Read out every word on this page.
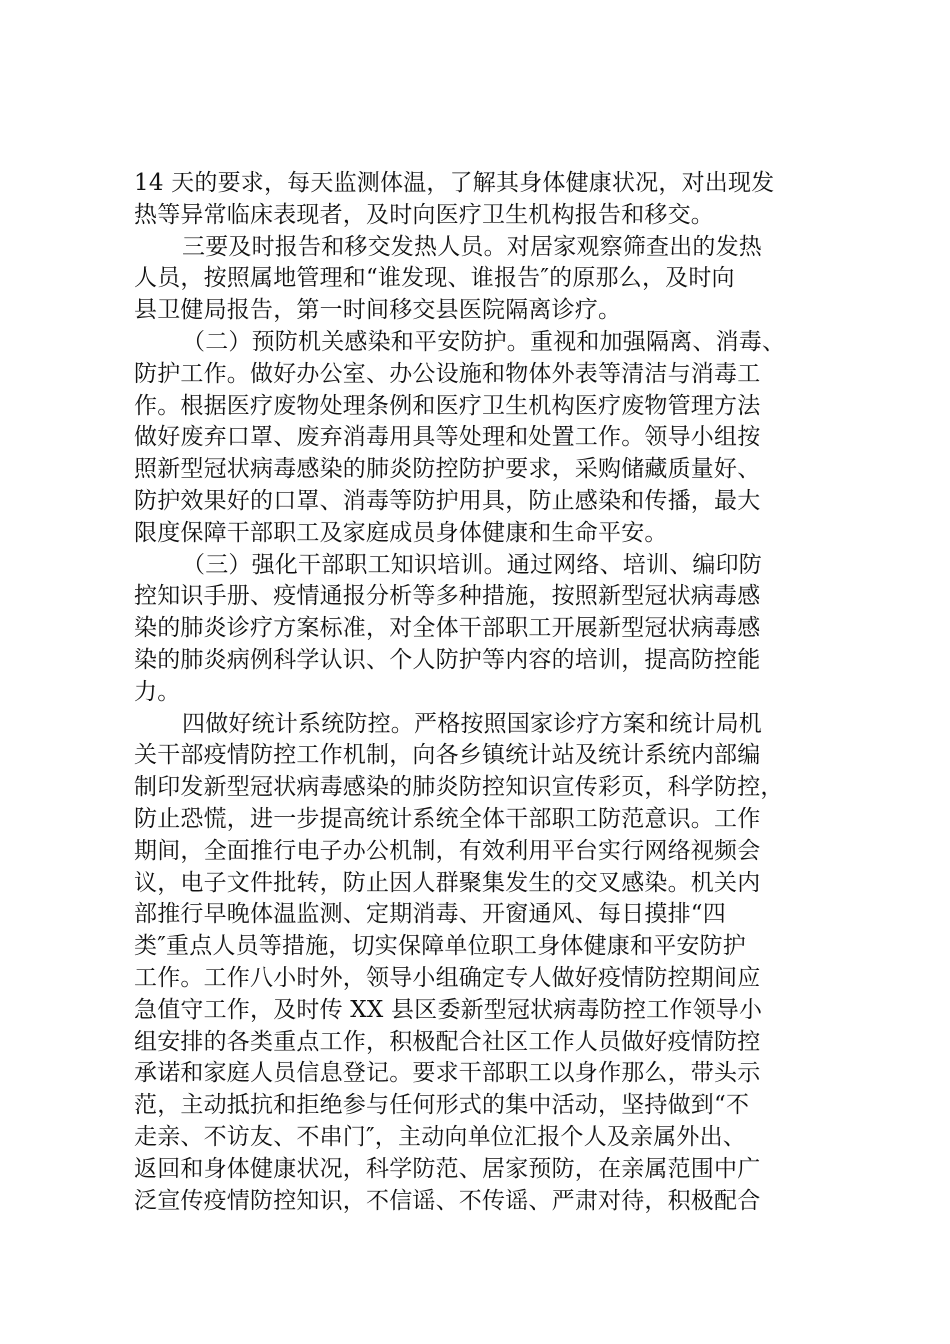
14 天的要求，每天监测体温，了解其身体健康状况，对出现发
热等异常临床表现者，及时向医疗卫生机构报告和移交。
三要及时报告和移交发热人员。对居家观察筛查出的发热
人员，按照属地管理和“谁发现、谁报告″的原那么，及时向
县卫健局报告，第一时间移交县医院隔离诊疗。
（二）预防机关感染和平安防护。重视和加强隔离、消毒、
防护工作。做好办公室、办公设施和物体外表等清洁与消毒工
作。根据医疗废物处理条例和医疗卫生机构医疗废物管理方法
做好废弃口罩、废弃消毒用具等处理和处置工作。领导小组按
照新型冠状病毒感染的肺炎防控防护要求，采购储藏质量好、
防护效果好的口罩、消毒等防护用具，防止感染和传播，最大
限度保障干部职工及家庭成员身体健康和生命平安。
（三）强化干部职工知识培训。通过网络、培训、编印防
控知识手册、疫情通报分析等多种措施，按照新型冠状病毒感
染的肺炎诊疗方案标准，对全体干部职工开展新型冠状病毒感
染的肺炎病例科学认识、个人防护等内容的培训，提高防控能
力。
四做好统计系统防控。严格按照国家诊疗方案和统计局机
关干部疫情防控工作机制，向各乡镇统计站及统计系统内部编
制印发新型冠状病毒感染的肺炎防控知识宣传彩页，科学防控，
防止恐慌，进一步提高统计系统全体干部职工防范意识。工作
期间，全面推行电子办公机制，有效利用平台实行网络视频会
议，电子文件批转，防止因人群聚集发生的交叉感染。机关内
部推行早晚体温监测、定期消毒、开窗通风、每日摸排“四
类″重点人员等措施，切实保障单位职工身体健康和平安防护
工作。工作八小时外，领导小组确定专人做好疫情防控期间应
急值守工作，及时传 XX 县区委新型冠状病毒防控工作领导小
组安排的各类重点工作，积极配合社区工作人员做好疫情防控
承诺和家庭人员信息登记。要求干部职工以身作那么，带头示
范，主动抵抗和拒绝参与任何形式的集中活动，坚持做到“不
走亲、不访友、不串门″，主动向单位汇报个人及亲属外出、
返回和身体健康状况，科学防范、居家预防，在亲属范围中广
泛宣传疫情防控知识，不信谣、不传谣、严肃对待，积极配合
